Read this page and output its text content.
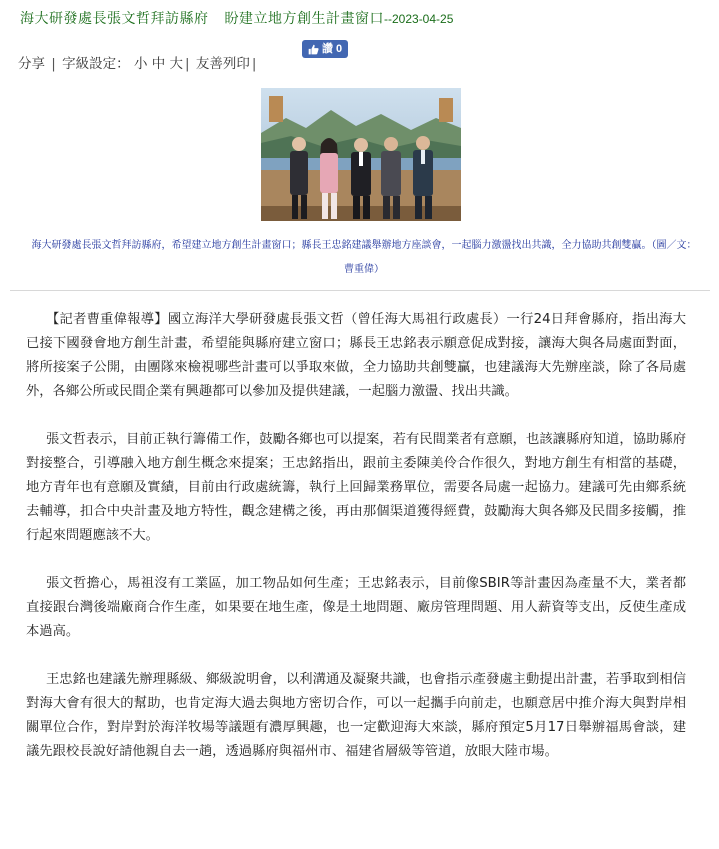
海大研發處長張文哲拜訪縣府 盼建立地方創生計畫窗口--2023-04-25
分享 | 字級設定： 小 中 大 | 友善列印 |
讚 0
海大研發處長張文哲拜訪縣府，希望建立地方創生計畫窗口；縣長王忠銘建議舉辦地方座談會，一起腦力激盪找出共識，全力協助共創雙贏。（圖／文：曹重偉）

【記者曹重偉報導】國立海洋大學研發處長張文哲（曾任海大馬祖行政處長）一行24日拜會縣府，指出海大已接下國發會地方創生計畫，希望能與縣府建立窗口；縣長王忠銘表示願意促成對接，讓海大與各局處面對面，將所接案子公開，由團隊來檢視哪些計畫可以爭取來做，全力協助共創雙贏，也建議海大先辦座談，除了各局處外，各鄉公所或民間企業有興趣都可以參加及提供建議，一起腦力激盪、找出共識。

張文哲表示，目前正執行籌備工作，鼓勵各鄉也可以提案，若有民間業者有意願，也該讓縣府知道，協助縣府對接整合，引導融入地方創生概念來提案；王忠銘指出，跟前主委陳美伶合作很久，對地方創生有相當的基礎，地方青年也有意願及實績，目前由行政處統籌，執行上回歸業務單位，需要各局處一起協力。建議可先由鄉系統去輔導，扣合中央計畫及地方特性，觀念建構之後，再由那個渠道獲得經費，鼓勵海大與各鄉及民間多接觸，推行起來問題應該不大。

張文哲擔心，馬祖沒有工業區，加工物品如何生產；王忠銘表示，目前像SBIR等計畫因為產量不大，業者都直接跟台灣後端廠商合作生產，如果要在地生產，像是土地問題、廠房管理問題、用人薪資等支出，反使生產成本過高。

王忠銘也建議先辦理縣級、鄉級說明會，以利溝通及凝聚共識，也會指示產發處主動提出計畫，若爭取到相信對海大會有很大的幫助，也肯定海大過去與地方密切合作，可以一起攜手向前走，也願意居中推介海大與對岸相關單位合作，對岸對於海洋牧場等議題有濃厚興趣，也一定歡迎海大來談，縣府預定5月17日舉辦福馬會談，建議先跟校長說好請他親自去一趟，透過縣府與福州市、福建省層級等管道，放眼大陸市場。
